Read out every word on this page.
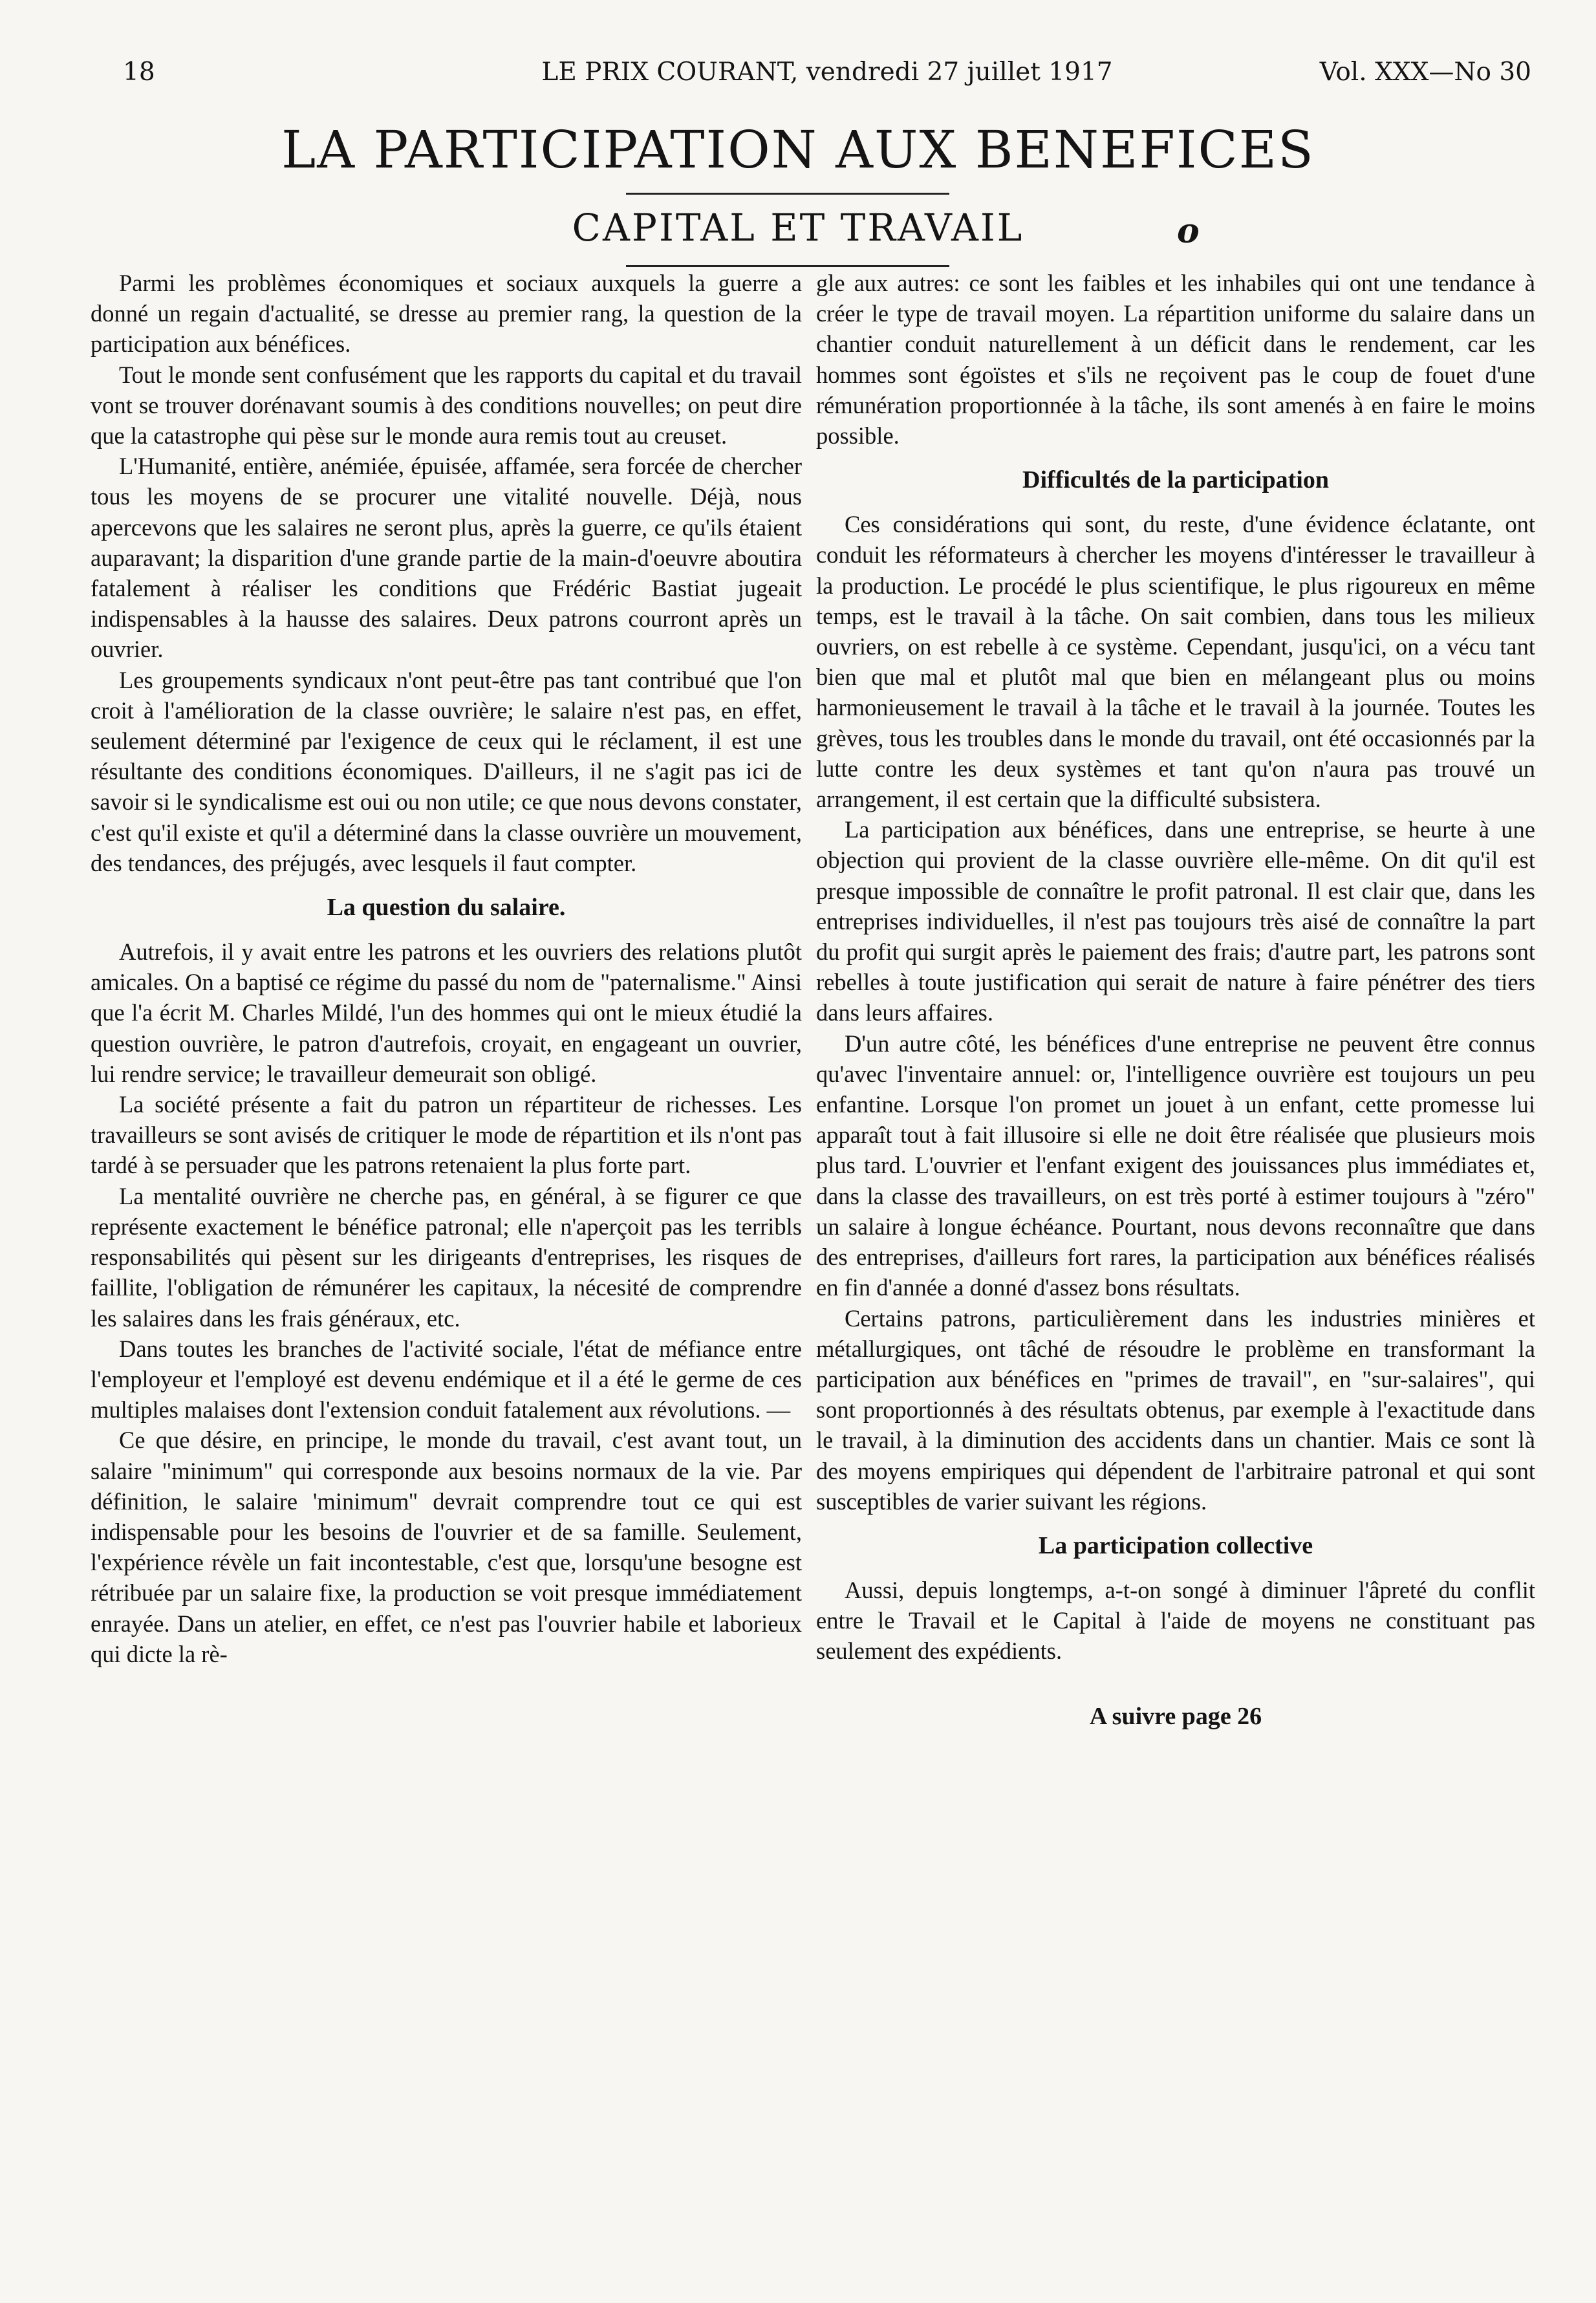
18	LE PRIX COURANT, vendredi 27 juillet 1917	Vol. XXX—No 30
LA PARTICIPATION AUX BENEFICES
CAPITAL ET TRAVAIL	o

Parmi les problèmes économiques et sociaux auxquels la guerre a donné un regain d'actualité, se dresse au premier rang, la question de la participation aux bénéfices.

Tout le monde sent confusément que les rapports du capital et du travail vont se trouver dorénavant soumis à des conditions nouvelles; on peut dire que la catastrophe qui pèse sur le monde aura remis tout au creuset.

L'Humanité, entière, anémiée, épuisée, affamée, sera forcée de chercher tous les moyens de se procurer une vitalité nouvelle. Déjà, nous apercevons que les salaires ne seront plus, après la guerre, ce qu'ils étaient auparavant; la disparition d'une grande partie de la main-d'oeuvre aboutira fatalement à réaliser les conditions que Frédéric Bastiat jugeait indispensables à la hausse des salaires. Deux patrons courront après un ouvrier.

Les groupements syndicaux n'ont peut-être pas tant contribué que l'on croit à l'amélioration de la classe ouvrière; le salaire n'est pas, en effet, seulement déterminé par l'exigence de ceux qui le réclament, il est une résultante des conditions économiques. D'ailleurs, il ne s'agit pas ici de savoir si le syndicalisme est oui ou non utile; ce que nous devons constater, c'est qu'il existe et qu'il a déterminé dans la classe ouvrière un mouvement, des tendances, des préjugés, avec lesquels il faut compter.

La question du salaire.

Autrefois, il y avait entre les patrons et les ouvriers des relations plutôt amicales. On a baptisé ce régime du passé du nom de "paternalisme." Ainsi que l'a écrit M. Charles Mildé, l'un des hommes qui ont le mieux étudié la question ouvrière, le patron d'autrefois, croyait, en engageant un ouvrier, lui rendre service; le travailleur demeurait son obligé.

La société présente a fait du patron un répartiteur de richesses. Les travailleurs se sont avisés de critiquer le mode de répartition et ils n'ont pas tardé à se persuader que les patrons retenaient la plus forte part.

La mentalité ouvrière ne cherche pas, en général, à se figurer ce que représente exactement le bénéfice patronal; elle n'aperçoit pas les terribls responsabilités qui pèsent sur les dirigeants d'entreprises, les risques de faillite, l'obligation de rémunérer les capitaux, la nécesité de comprendre les salaires dans les frais généraux, etc.

Dans toutes les branches de l'activité sociale, l'état de méfiance entre l'employeur et l'employé est devenu endémique et il a été le germe de ces multiples malaises dont l'extension conduit fatalement aux révolutions. —

Ce que désire, en principe, le monde du travail, c'est avant tout, un salaire "minimum" qui corresponde aux besoins normaux de la vie. Par définition, le salaire 'minimum'' devrait comprendre tout ce qui est indispensable pour les besoins de l'ouvrier et de sa famille. Seulement, l'expérience révèle un fait incontestable, c'est que, lorsqu'une besogne est rétribuée par un salaire fixe, la production se voit presque immédiatement enrayée. Dans un atelier, en effet, ce n'est pas l'ouvrier habile et laborieux qui dicte la rè-

gle aux autres: ce sont les faibles et les inhabiles qui ont une tendance à créer le type de travail moyen. La répartition uniforme du salaire dans un chantier conduit naturellement à un déficit dans le rendement, car les hommes sont égoïstes et s'ils ne reçoivent pas le coup de fouet d'une rémunération proportionnée à la tâche, ils sont amenés à en faire le moins possible.

Difficultés de la participation

Ces considérations qui sont, du reste, d'une évidence éclatante, ont conduit les réformateurs à chercher les moyens d'intéresser le travailleur à la production. Le procédé le plus scientifique, le plus rigoureux en même temps, est le travail à la tâche. On sait combien, dans tous les milieux ouvriers, on est rebelle à ce système. Cependant, jusqu'ici, on a vécu tant bien que mal et plutôt mal que bien en mélangeant plus ou moins harmonieusement le travail à la tâche et le travail à la journée. Toutes les grèves, tous les troubles dans le monde du travail, ont été occasionnés par la lutte contre les deux systèmes et tant qu'on n'aura pas trouvé un arrangement, il est certain que la difficulté subsistera.

La participation aux bénéfices, dans une entreprise, se heurte à une objection qui provient de la classe ouvrière elle-même. On dit qu'il est presque impossible de connaître le profit patronal. Il est clair que, dans les entreprises individuelles, il n'est pas toujours très aisé de connaître la part du profit qui surgit après le paiement des frais; d'autre part, les patrons sont rebelles à toute justification qui serait de nature à faire pénétrer des tiers dans leurs affaires.

D'un autre côté, les bénéfices d'une entreprise ne peuvent être connus qu'avec l'inventaire annuel: or, l'intelligence ouvrière est toujours un peu enfantine. Lorsque l'on promet un jouet à un enfant, cette promesse lui apparaît tout à fait illusoire si elle ne doit être réalisée que plusieurs mois plus tard. L'ouvrier et l'enfant exigent des jouissances plus immédiates et, dans la classe des travailleurs, on est très porté à estimer toujours à "zéro" un salaire à longue échéance. Pourtant, nous devons reconnaître que dans des entreprises, d'ailleurs fort rares, la participation aux bénéfices réalisés en fin d'année a donné d'assez bons résultats.

Certains patrons, particulièrement dans les industries minières et métallurgiques, ont tâché de résoudre le problème en transformant la participation aux bénéfices en "primes de travail", en "sur-salaires", qui sont proportionnés à des résultats obtenus, par exemple à l'exactitude dans le travail, à la diminution des accidents dans un chantier. Mais ce sont là des moyens empiriques qui dépendent de l'arbitraire patronal et qui sont susceptibles de varier suivant les régions.

La participation collective

Aussi, depuis longtemps, a-t-on songé à diminuer l'âpreté du conflit entre le Travail et le Capital à l'aide de moyens ne constituant pas seulement des expédients.

A suivre page 26
